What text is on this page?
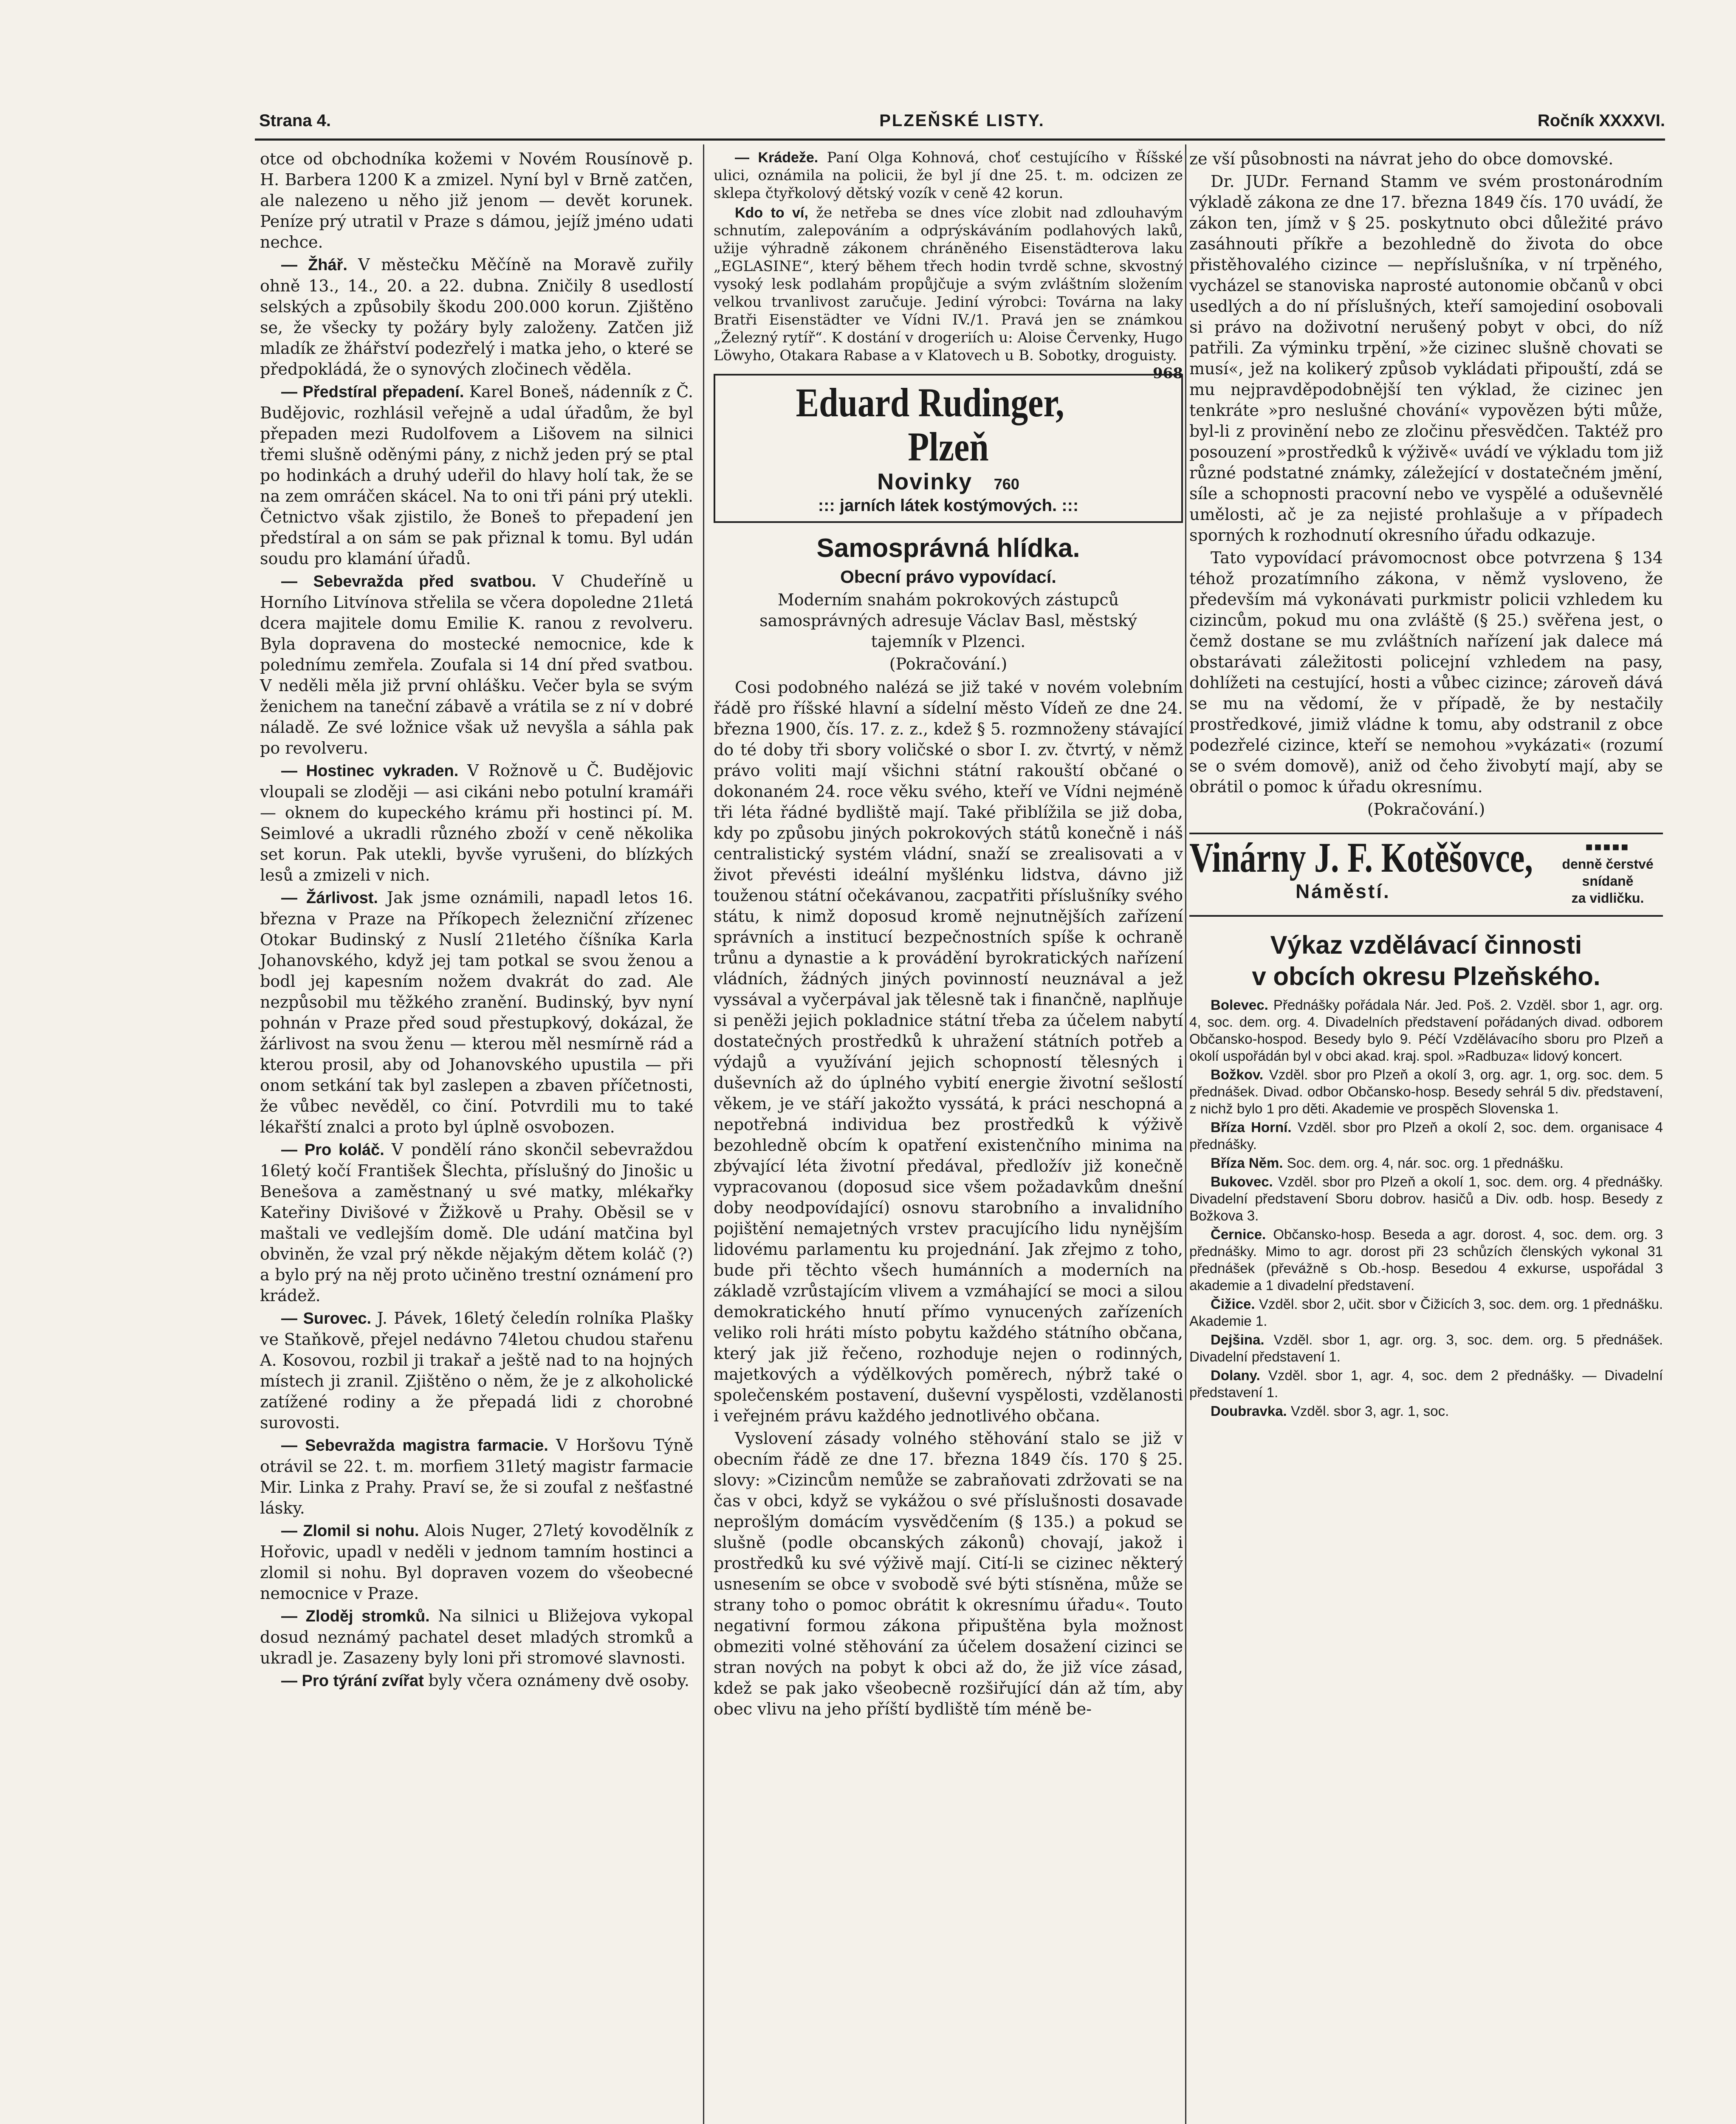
Strana 4.	PLZEŇSKÉ LISTY.	Ročník XXXXVI.

otce od obchodníka kožemi v Novém Rousínově p. H. Barbera 1200 K a zmizel. Nyní byl v Brně zatčen, ale nalezeno u něho již jenom — devět korunek. Peníze prý utratil v Praze s dámou, jejíž jméno udati nechce.

— Žhář. V městečku Měčíně na Moravě zuřily ohně 13., 14., 20. a 22. dubna. Zničily 8 usedlostí selských a způsobily škodu 200.000 korun. Zjištěno se, že všecky ty požáry byly založeny. Zatčen již mladík ze žhářství podezřelý i matka jeho, o které se předpokládá, že o synových zločinech věděla.

— Předstíral přepadení. Karel Boneš, nádenník z Č. Budějovic, rozhlásil veřejně a udal úřadům, že byl přepaden mezi Rudolfovem a Lišovem na silnici třemi slušně oděnými pány, z nichž jeden prý se ptal po hodinkách a druhý udeřil do hlavy holí tak, že se na zem omráčen skácel. Na to oni tři páni prý utekli. Četnictvo však zjistilo, že Boneš to přepadení jen předstíral a on sám se pak přiznal k tomu. Byl udán soudu pro klamání úřadů.

— Sebevražda před svatbou. V Chudeříně u Horního Litvínova střelila se včera dopoledne 21letá dcera majitele domu Emilie K. ranou z revolveru. Byla dopravena do mostecké nemocnice, kde k polednímu zemřela. Zoufala si 14 dní před svatbou. V neděli měla již první ohlášku. Večer byla se svým ženichem na taneční zábavě a vrátila se z ní v dobré náladě. Ze své ložnice však už nevyšla a sáhla pak po revolveru.

— Hostinec vykraden. V Rožnově u Č. Budějovic vloupali se zloději — asi cikáni nebo potulní kramáři — oknem do kupeckého krámu při hostinci pí. M. Seimlové a ukradli různého zboží v ceně několika set korun. Pak utekli, byvše vyrušeni, do blízkých lesů a zmizeli v nich.

— Žárlivost. Jak jsme oznámili, napadl letos 16. března v Praze na Příkopech železniční zřízenec Otokar Budinský z Nuslí 21letého číšníka Karla Johanovského, když jej tam potkal se svou ženou a bodl jej kapesním nožem dvakrát do zad. Ale nezpůsobil mu těžkého zranění. Budinský, byv nyní pohnán v Praze před soud přestupkový, dokázal, že žárlivost na svou ženu — kterou měl nesmírně rád a kterou prosil, aby od Johanovského upustila — při onom setkání tak byl zaslepen a zbaven příčetnosti, že vůbec nevěděl, co činí. Potvrdili mu to také lékařští znalci a proto byl úplně osvobozen.

— Pro koláč. V pondělí ráno skončil sebevraždou 16letý kočí František Šlechta, příslušný do Jinošic u Benešova a zaměstnaný u své matky, mlékařky Kateřiny Divišové v Žižkově u Prahy. Oběsil se v maštali ve vedlejším domě. Dle udání matčina byl obviněn, že vzal prý někde nějakým dětem koláč (?) a bylo prý na něj proto učiněno trestní oznámení pro krádež.

— Surovec. J. Pávek, 16letý čeledín rolníka Plašky ve Staňkově, přejel nedávno 74letou chudou stařenu A. Kosovou, rozbil ji trakař a ještě nad to na hojných místech ji zranil. Zjištěno o něm, že je z alkoholické zatížené rodiny a že přepadá lidi z chorobné surovosti.

— Sebevražda magistra farmacie. V Horšovu Týně otrávil se 22. t. m. morfiem 31letý magistr farmacie Mir. Linka z Prahy. Praví se, že si zoufal z nešťastné lásky.

— Zlomil si nohu. Alois Nuger, 27letý kovodělník z Hořovic, upadl v neděli v jednom tamním hostinci a zlomil si nohu. Byl dopraven vozem do všeobecné nemocnice v Praze.

— Zloděj stromků. Na silnici u Bližejova vykopal dosud neznámý pachatel deset mladých stromků a ukradl je. Zasazeny byly loni při stromové slavnosti.

— Pro týrání zvířat byly včera oznámeny dvě osoby.

— Krádeže. Paní Olga Kohnová, choť cestujícího v Říšské ulici, oznámila na policii, že byl jí dne 25. t. m. odcizen ze sklepa čtyřkolový dětský vozík v ceně 42 korun.

Kdo to ví, že netřeba se dnes více zlobit nad zdlouhavým schnutím, zalepováním a odprýskáváním podlahových laků, užije výhradně zákonem chráněného Eisenstädterova laku „EGLASINE“, který během třech hodin tvrdě schne, skvostný vysoký lesk podlahám propůjčuje a svým zvláštním složením velkou trvanlivost zaručuje. Jediní výrobci: Továrna na laky Bratři Eisenstädter ve Vídni IV./1. Pravá jen se známkou „Železný rytíř“. K dostání v drogeriích u: Aloise Červenky, Hugo Löwyho, Otakara Rabase a v Klatovech u B. Sobotky, droguisty.
968

Eduard Rudinger, Plzeň
Novinky 760
::: jarních látek kostýmových. :::
Samosprávná hlídka.
Obecní právo vypovídací.

Moderním snahám pokrokových zástupců samosprávných adresuje Václav Basl, městský tajemník v Plzenci.

(Pokračování.)

Cosi podobného nalézá se již také v novém volebním řádě pro říšské hlavní a sídelní město Vídeň ze dne 24. března 1900, čís. 17. z. z., kdež § 5. rozmnoženy stávající do té doby tři sbory voličské o sbor I. zv. čtvrtý, v němž právo voliti mají všichni státní rakouští občané o dokonaném 24. roce věku svého, kteří ve Vídni nejméně tři léta řádné bydliště mají. Také přiblížila se již doba, kdy po způsobu jiných pokrokových států konečně i náš centralistický systém vládní, snaží se zrealisovati a v život převésti ideální myšlénku lidstva, dávno již touženou státní očekávanou, zacpatřiti příslušníky svého státu, k nimž doposud kromě nejnutnějších zařízení správních a institucí bezpečnostních spíše k ochraně trůnu a dynastie a k provádění byrokratických nařízení vládních, žádných jiných povinností neuznával a jež vyssával a vyčerpával jak tělesně tak i finančně, naplňuje si peněži jejich pokladnice státní třeba za účelem nabytí dostatečných prostředků k uhražení státních potřeb a výdajů a využívání jejich schopností tělesných i duševních až do úplného vybití energie životní sešlostí věkem, je ve stáří jakožto vyssátá, k práci neschopná a nepotřebná individua bez prostředků k výživě bezohledně obcím k opatření existenčního minima na zbývající léta životní předával, předložív již konečně vypracovanou (doposud sice všem požadavkům dnešní doby neodpovídající) osnovu starobního a invalidního pojištění nemajetných vrstev pracujícího lidu nynějším lidovému parlamentu ku projednání. Jak zřejmo z toho, bude při těchto všech humánních a moderních na základě vzrůstajícím vlivem a vzmáhající se moci a silou demokratického hnutí přímo vynucených zařízeních veliko roli hráti místo pobytu každého státního občana, který jak již řečeno, rozhoduje nejen o rodinných, majetkových a výdělkových poměrech, nýbrž také o společenském postavení, duševní vyspělosti, vzdělanosti i veřejném právu každého jednotlivého občana.

Vyslovení zásady volného stěhování stalo se již v obecním řádě ze dne 17. března 1849 čís. 170 § 25. slovy: »Cizincům nemůže se zabraňovati zdržovati se na čas v obci, když se vykážou o své příslušnosti dosavade neprošlým domácím vysvědčením (§ 135.) a pokud se slušně (podle obcanských zákonů) chovají, jakož i prostředků ku své výživě mají. Cití-li se cizinec některý usnesením se obce v svobodě své býti stísněna, může se strany toho o pomoc obrátit k okresnímu úřadu«. Touto negativní formou zákona připuštěna byla možnost obmeziti volné stěhování za účelem dosažení cizinci se stran nových na pobyt k obci až do, že již více zásad, kdež se pak jako všeobecně rozšiřující dán až tím, aby obec vlivu na jeho příští bydliště tím méně be-

ze vší působnosti na návrat jeho do obce domovské.

Dr. JUDr. Fernand Stamm ve svém prostonárodním výkladě zákona ze dne 17. března 1849 čís. 170 uvádí, že zákon ten, jímž v § 25. poskytnuto obci důležité právo zasáhnouti příkře a bezohledně do života do obce přistěhovalého cizince — nepříslušníka, v ní trpěného, vycházel se stanoviska naprosté autonomie občanů v obci usedlých a do ní příslušných, kteří samojediní osobovali si právo na doživotní nerušený pobyt v obci, do níž patřili. Za výminku trpění, »že cizinec slušně chovati se musí«, jež na kolikerý způsob vykládati připouští, zdá se mu nejpravděpodobnější ten výklad, že cizinec jen tenkráte »pro neslušné chování« vypovězen býti může, byl-li z provinění nebo ze zločinu přesvědčen. Taktéž pro posouzení »prostředků k výživě« uvádí ve výkladu tom již různé podstatné známky, záležející v dostatečném jmění, síle a schopnosti pracovní nebo ve vyspělé a oduševnělé umělosti, ač je za nejisté prohlašuje a v případech sporných k rozhodnutí okresního úřadu odkazuje.

Tato vypovídací právomocnost obce potvrzena § 134 téhož prozatímního zákona, v němž vysloveno, že především má vykonávati purkmistr policii vzhledem ku cizincům, pokud mu ona zvláště (§ 25.) svěřena jest, o čemž dostane se mu zvláštních nařízení jak dalece má obstarávati záležitosti policejní vzhledem na pasy, dohlížeti na cestující, hosti a vůbec cizince; zároveň dává se mu na vědomí, že v případě, že by nestačily prostředkové, jimiž vládne k tomu, aby odstranil z obce podezřelé cizince, kteří se nemohou »vykázati« (rozumí se o svém domově), aniž od čeho živobytí mají, aby se obrátil o pomoc k úřadu okresnímu.

(Pokračování.)

Vinárny J. F. Kotěšovce,
Náměstí.
■■■■■
denně čerstvé
snídaně
za vidličku.
Výkaz vzdělávací činnosti
v obcích okresu Plzeňského.

Bolevec. Přednášky pořádala Nár. Jed. Poš. 2. Vzděl. sbor 1, agr. org. 4, soc. dem. org. 4. Divadelních představení pořádaných divad. odborem Občansko-hospod. Besedy bylo 9. Péčí Vzdělávacího sboru pro Plzeň a okolí uspořádán byl v obci akad. kraj. spol. »Radbuza« lidový koncert.

Božkov. Vzděl. sbor pro Plzeň a okolí 3, org. agr. 1, org. soc. dem. 5 přednášek. Divad. odbor Občansko-hosp. Besedy sehrál 5 div. představení, z nichž bylo 1 pro děti. Akademie ve prospěch Slovenska 1.

Bříza Horní. Vzděl. sbor pro Plzeň a okolí 2, soc. dem. organisace 4 přednášky.

Bříza Něm. Soc. dem. org. 4, nár. soc. org. 1 přednášku.

Bukovec. Vzděl. sbor pro Plzeň a okolí 1, soc. dem. org. 4 přednášky. Divadelní představení Sboru dobrov. hasičů a Div. odb. hosp. Besedy z Božkova 3.

Černice. Občansko-hosp. Beseda a agr. dorost. 4, soc. dem. org. 3 přednášky. Mimo to agr. dorost při 23 schůzích členských vykonal 31 přednášek (převážně s Ob.-hosp. Besedou 4 exkurse, uspořádal 3 akademie a 1 divadelní představení.

Čižice. Vzděl. sbor 2, učit. sbor v Čižicích 3, soc. dem. org. 1 přednášku. Akademie 1.

Dejšina. Vzděl. sbor 1, agr. org. 3, soc. dem. org. 5 přednášek. Divadelní představení 1.

Dolany. Vzděl. sbor 1, agr. 4, soc. dem 2 přednášky. — Divadelní představení 1.

Doubravka. Vzděl. sbor 3, agr. 1, soc.
